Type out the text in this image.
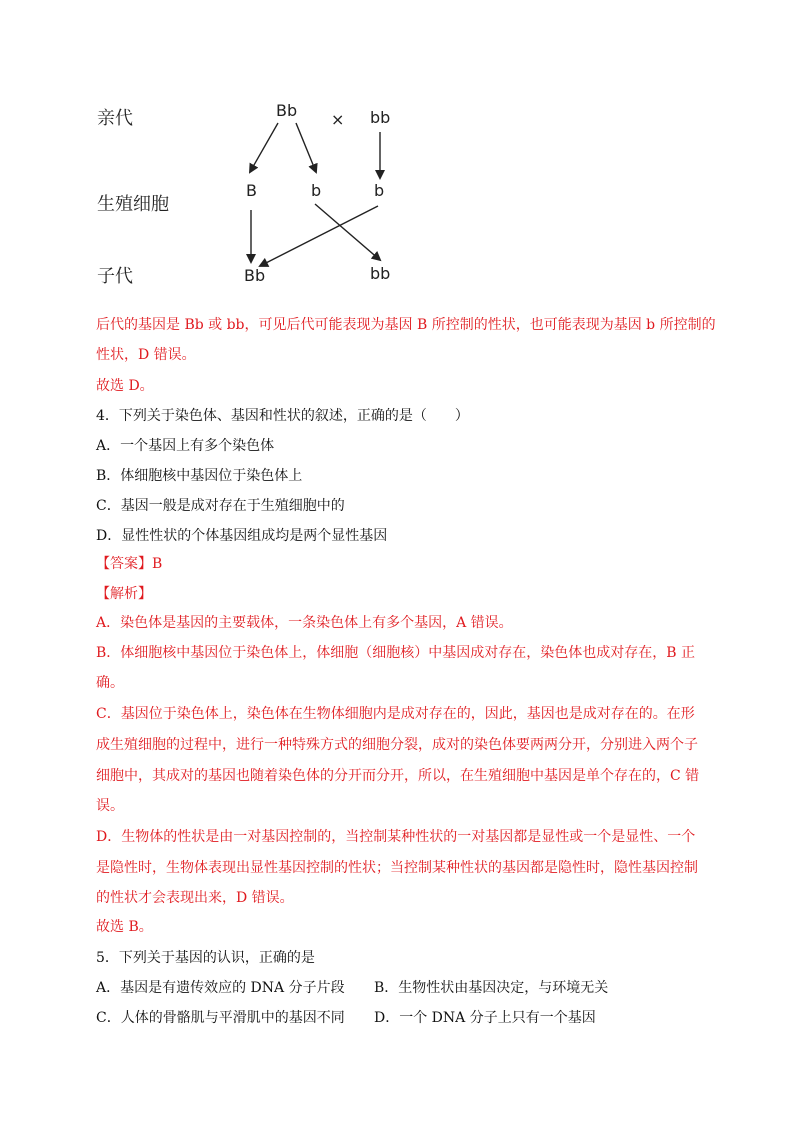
亲代
生殖细胞
子代
Bb × bb
B	b	b
Bb	bb
后代的基因是 Bb 或 bb，可见后代可能表现为基因 B 所控制的性状，也可能表现为基因 b 所控制的
性状，D 错误。
故选 D。
4．下列关于染色体、基因和性状的叙述，正确的是（　　）
A．一个基因上有多个染色体
B．体细胞核中基因位于染色体上
C．基因一般是成对存在于生殖细胞中的
D．显性性状的个体基因组成均是两个显性基因
【答案】B
【解析】
A．染色体是基因的主要载体，一条染色体上有多个基因，A 错误。
B．体细胞核中基因位于染色体上，体细胞（细胞核）中基因成对存在，染色体也成对存在，B 正
确。
C．基因位于染色体上，染色体在生物体细胞内是成对存在的，因此，基因也是成对存在的。在形
成生殖细胞的过程中，进行一种特殊方式的细胞分裂，成对的染色体要两两分开，分别进入两个子
细胞中，其成对的基因也随着染色体的分开而分开，所以，在生殖细胞中基因是单个存在的，C 错
误。
D．生物体的性状是由一对基因控制的，当控制某种性状的一对基因都是显性或一个是显性、一个
是隐性时，生物体表现出显性基因控制的性状；当控制某种性状的基因都是隐性时，隐性基因控制
的性状才会表现出来，D 错误。
故选 B。
5．下列关于基因的认识，正确的是
A．基因是有遗传效应的 DNA 分子片段 B．生物性状由基因决定，与环境无关
C．人体的骨骼肌与平滑肌中的基因不同 D．一个 DNA 分子上只有一个基因
